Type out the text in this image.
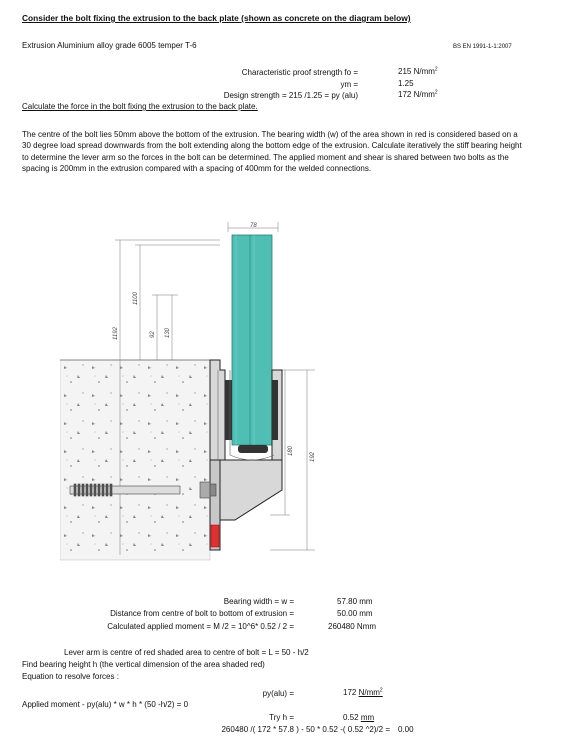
Consider the bolt fixing the extrusion to the back plate (shown as concrete on the diagram below)
Extrusion Aluminium alloy grade 6005 temper T-6	BS EN 1991-1-1:2007
Characteristic proof strength fo =	215 $N/mm^2$
ym =	1.25
Design strength = 215 /1.25 = py (alu)	172 $N/mm^2$
Calculate the force in the bolt fixing the extrusion to the back plate.
The centre of the bolt lies 50mm above the bottom of the extrusion. The bearing width (w) of the area shown in red is considered based on a 30 degree load spread downwards from the bolt extending along the bottom edge of the extrusion. Calculate iteratively the stiff bearing height to determine the lever arm so the forces in the bolt can be determined. The applied moment and shear is shared between two bolts as the spacing is 200mm in the extrusion compared with a spacing of 400mm for the welded connections.
78
1192
1100
92 130
180
192
Bearing width = w =	57.80 mm
Distance from centre of bolt to bottom of extrusion =	50.00 mm
Calculated applied moment = M /2 = 10^6* 0.52 / 2 =	260480 Nmm
Lever arm is centre of red shaded area to centre of bolt = L = 50 - h/2
Find bearing height h (the vertical dimension of the area shaded red)
Equation to resolve forces :
py(alu) =	172 $N/mm^2$
Applied moment - py(alu) * w * h * (50 -h/2) = 0
Try h =	0.52 mm
260480 /( 172 * 57.8 ) - 50 * 0.52 -( 0.52 ^2)/2 = 0.00
